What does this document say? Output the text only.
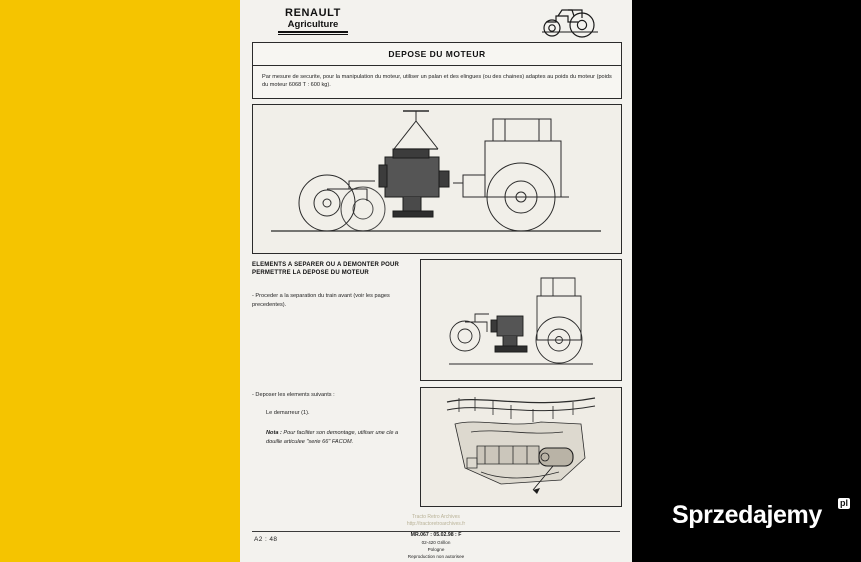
RENAULT
Agriculture
DEPOSE DU MOTEUR

Par mesure de securite, pour la manipulation du moteur, utiliser un palan et des elingues (ou des chaines) adaptes au poids du moteur (poids du moteur 6068 T : 600 kg).

ELEMENTS A SEPARER OU A DEMONTER POUR
PERMETTRE LA DEPOSE DU MOTEUR
- Proceder a la separation du train avant (voir les pages precedentes).
- Deposer les elements suivants :
Le demarreur (1).
Nota : Pour faciliter son demontage, utiliser une cle a douille articulee "serie 66" FACOM.
Tracto Retro Archives
http://tractoretroarchives.fr
A2 : 48
MR.067 : 05.02.98 : F
02-420 Grillon
Pologne
Reproduction non autorisee
Sprzedajemy pl
